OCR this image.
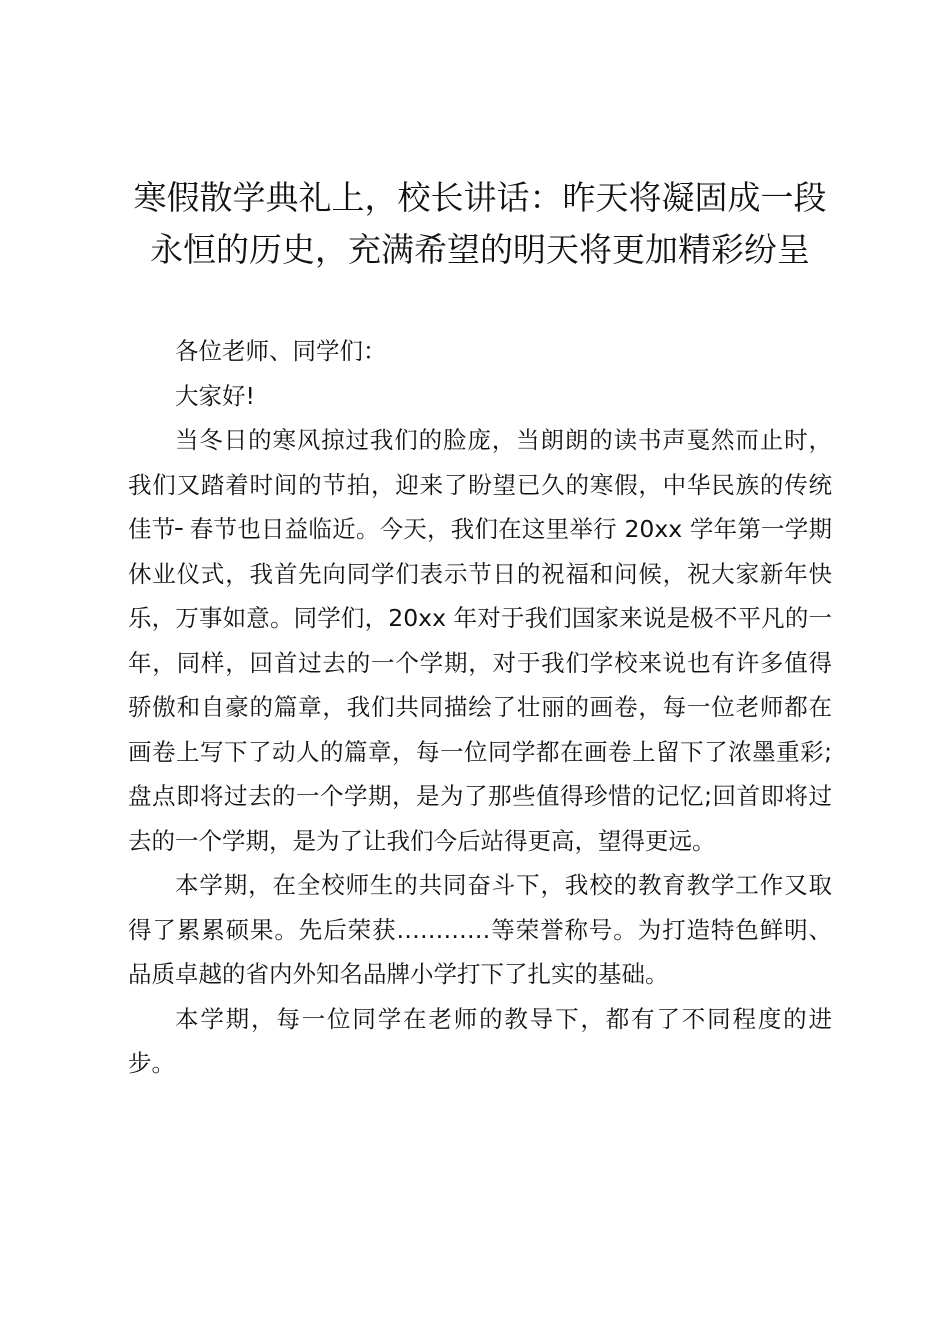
寒假散学典礼上，校长讲话：昨天将凝固成一段永恒的历史，充满希望的明天将更加精彩纷呈

各位老师、同学们：

大家好!

当冬日的寒风掠过我们的脸庞，当朗朗的读书声戛然而止时，我们又踏着时间的节拍，迎来了盼望已久的寒假，中华民族的传统佳节╴春节也日益临近。今天，我们在这里举行 20xx 学年第一学期休业仪式，我首先向同学们表示节日的祝福和问候，祝大家新年快乐，万事如意。同学们，20xx 年对于我们国家来说是极不平凡的一年，同样，回首过去的一个学期，对于我们学校来说也有许多值得骄傲和自豪的篇章，我们共同描绘了壮丽的画卷，每一位老师都在画卷上写下了动人的篇章，每一位同学都在画卷上留下了浓墨重彩;盘点即将过去的一个学期，是为了那些值得珍惜的记忆;回首即将过去的一个学期，是为了让我们今后站得更高，望得更远。

本学期，在全校师生的共同奋斗下，我校的教育教学工作又取得了累累硕果。先后荣获…………等荣誉称号。为打造特色鲜明、品质卓越的省内外知名品牌小学打下了扎实的基础。

本学期，每一位同学在老师的教导下，都有了不同程度的进步。
